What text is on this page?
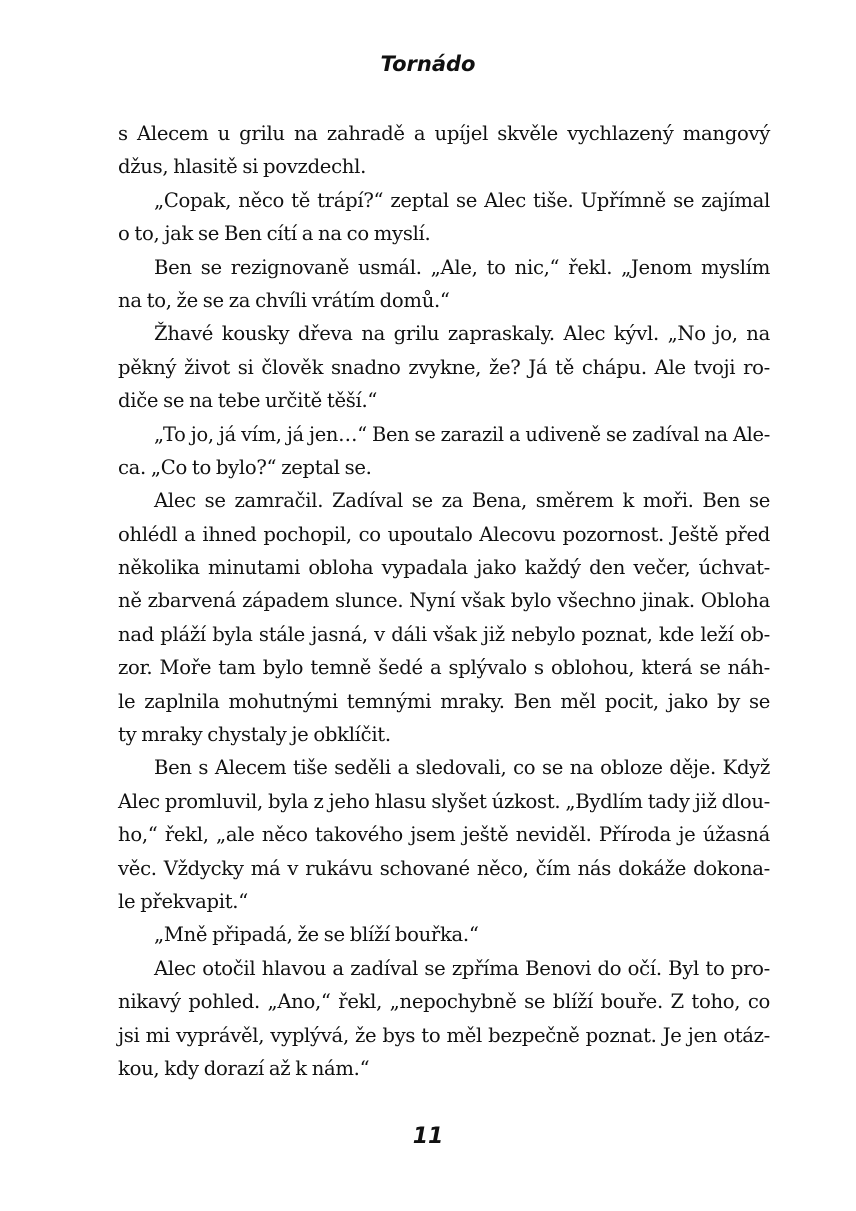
Tornádo
s Alecem u grilu na zahradě a upíjel skvěle vychlazený mangový
džus, hlasitě si povzdechl.
„Copak, něco tě trápí?“ zeptal se Alec tiše. Upřímně se zajímal
o to, jak se Ben cítí a na co myslí.
Ben se rezignovaně usmál. „Ale, to nic,“ řekl. „Jenom myslím
na to, že se za chvíli vrátím domů.“
Žhavé kousky dřeva na grilu zapraskaly. Alec kývl. „No jo, na
pěkný život si člověk snadno zvykne, že? Já tě chápu. Ale tvoji ro-
diče se na tebe určitě těší.“
„To jo, já vím, já jen…“ Ben se zarazil a udiveně se zadíval na Ale-
ca. „Co to bylo?“ zeptal se.
Alec se zamračil. Zadíval se za Bena, směrem k moři. Ben se
ohlédl a ihned pochopil, co upoutalo Alecovu pozornost. Ještě před
několika minutami obloha vypadala jako každý den večer, úchvat-
ně zbarvená západem slunce. Nyní však bylo všechno jinak. Obloha
nad pláží byla stále jasná, v dáli však již nebylo poznat, kde leží ob-
zor. Moře tam bylo temně šedé a splývalo s oblohou, která se náh-
le zaplnila mohutnými temnými mraky. Ben měl pocit, jako by se
ty mraky chystaly je obklíčit.
Ben s Alecem tiše seděli a sledovali, co se na obloze děje. Když
Alec promluvil, byla z jeho hlasu slyšet úzkost. „Bydlím tady již dlou-
ho,“ řekl, „ale něco takového jsem ještě neviděl. Příroda je úžasná
věc. Vždycky má v rukávu schované něco, čím nás dokáže dokona-
le překvapit.“
„Mně připadá, že se blíží bouřka.“
Alec otočil hlavou a zadíval se zpříma Benovi do očí. Byl to pro-
nikavý pohled. „Ano,“ řekl, „nepochybně se blíží bouře. Z toho, co
jsi mi vyprávěl, vyplývá, že bys to měl bezpečně poznat. Je jen otáz-
kou, kdy dorazí až k nám.“
11
